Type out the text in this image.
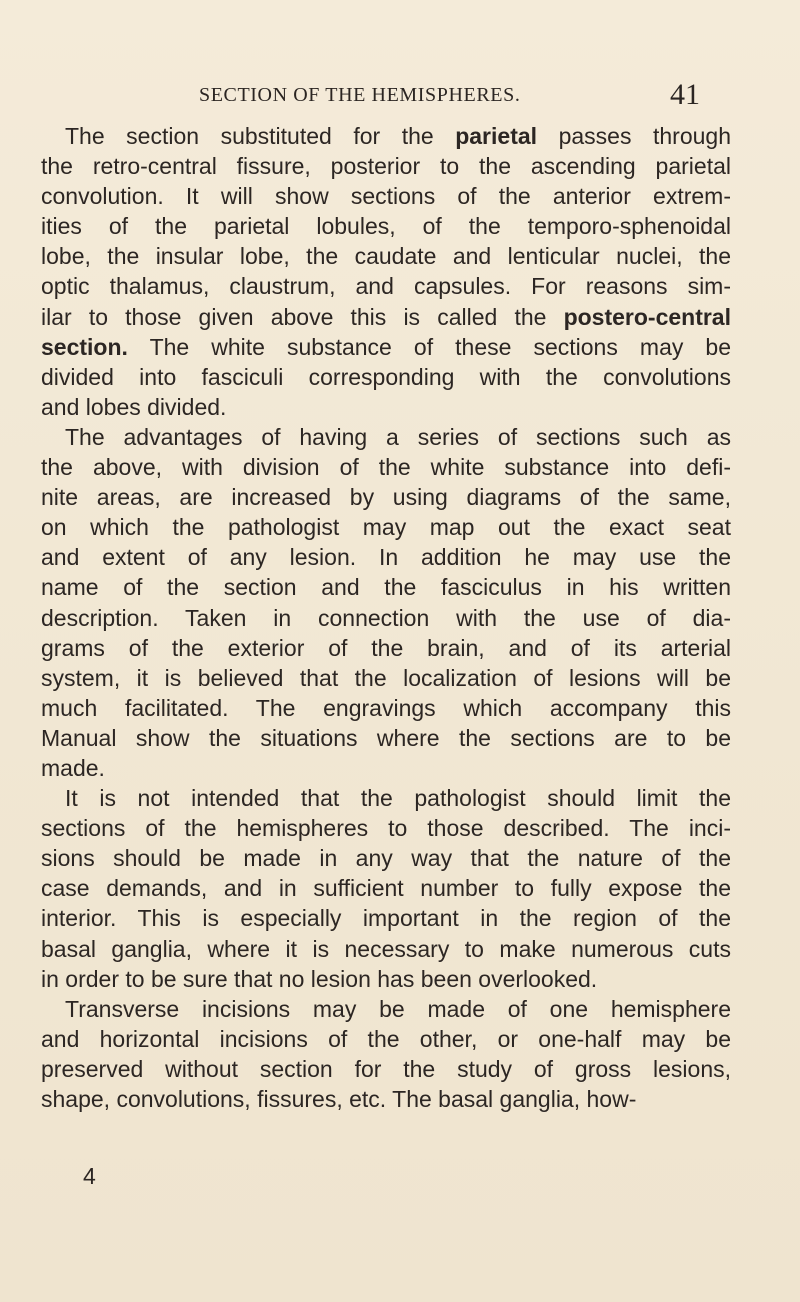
SECTION OF THE HEMISPHERES.	41
The section substituted for the parietal passes through
the retro-central fissure, posterior to the ascending parietal
convolution. It will show sections of the anterior extrem-
ities of the parietal lobules, of the temporo-sphenoidal
lobe, the insular lobe, the caudate and lenticular nuclei, the
optic thalamus, claustrum, and capsules. For reasons sim-
ilar to those given above this is called the postero-central
section. The white substance of these sections may be
divided into fasciculi corresponding with the convolutions
and lobes divided.
The advantages of having a series of sections such as
the above, with division of the white substance into defi-
nite areas, are increased by using diagrams of the same,
on which the pathologist may map out the exact seat
and extent of any lesion. In addition he may use the
name of the section and the fasciculus in his written
description. Taken in connection with the use of dia-
grams of the exterior of the brain, and of its arterial
system, it is believed that the localization of lesions will be
much facilitated. The engravings which accompany this
Manual show the situations where the sections are to be
made.
It is not intended that the pathologist should limit the
sections of the hemispheres to those described. The inci-
sions should be made in any way that the nature of the
case demands, and in sufficient number to fully expose the
interior. This is especially important in the region of the
basal ganglia, where it is necessary to make numerous cuts
in order to be sure that no lesion has been overlooked.
Transverse incisions may be made of one hemisphere
and horizontal incisions of the other, or one-half may be
preserved without section for the study of gross lesions,
shape, convolutions, fissures, etc. The basal ganglia, how-
4
